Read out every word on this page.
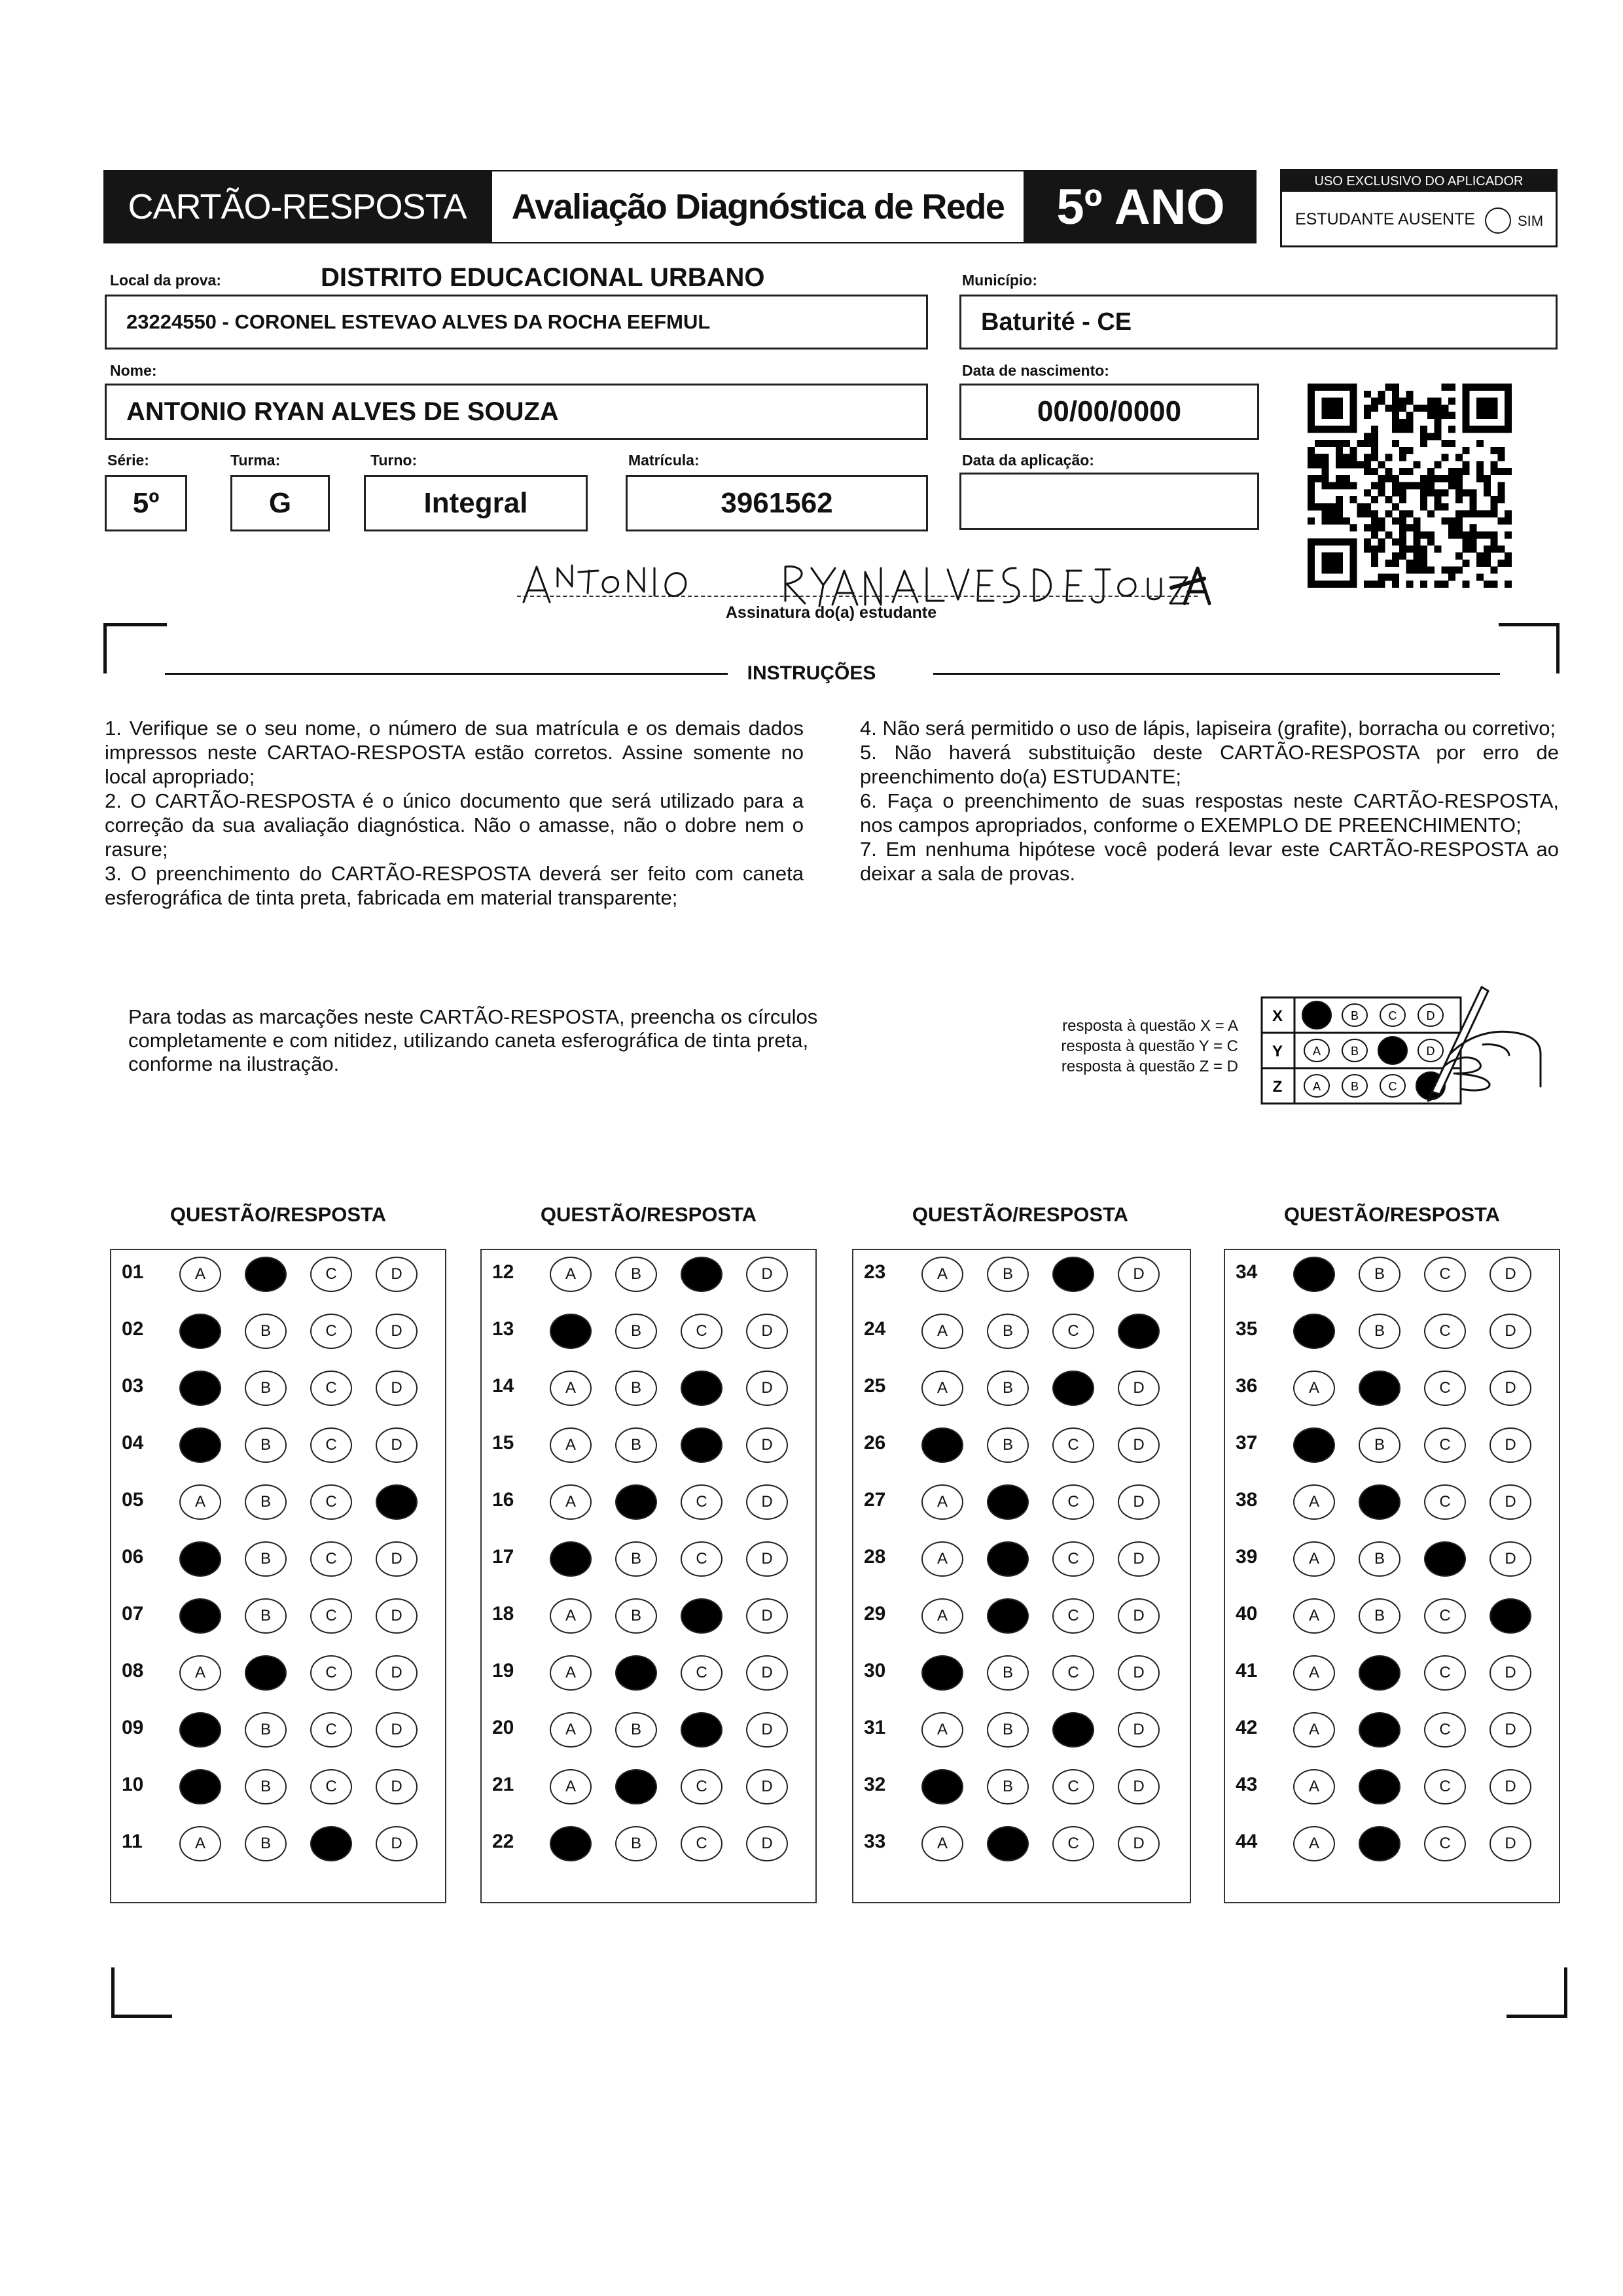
CARTÃO-RESPOSTA	Avaliação Diagnóstica de Rede	5º ANO	USO EXCLUSIVO DO APLICADOR
ESTUDANTE AUSENTE	SIM
Local da prova:	DISTRITO EDUCACIONAL URBANO
23224550 - CORONEL ESTEVAO ALVES DA ROCHA EEFMUL
Município:
Baturité - CE
Nome:
ANTONIO RYAN ALVES DE SOUZA
Data de nascimento:
00/00/0000
Série:
5º
Turma:
G
Turno:
Integral
Matrícula:
3961562
Data da aplicação:
Assinatura do(a) estudante
INSTRUÇÕES
1. Verifique se o seu nome, o número de sua matrícula e os demais dados impressos neste CARTAO-RESPOSTA estão corretos. Assine somente no local apropriado;
2. O CARTÃO-RESPOSTA é o único documento que será utilizado para a correção da sua avaliação diagnóstica. Não o amasse, não o dobre nem o rasure;
3. O preenchimento do CARTÃO-RESPOSTA deverá ser feito com caneta esferográfica de tinta preta, fabricada em material transparente;
4. Não será permitido o uso de lápis, lapiseira (grafite), borracha ou corretivo;
5. Não haverá substituição deste CARTÃO-RESPOSTA por erro de preenchimento do(a) ESTUDANTE;
6. Faça o preenchimento de suas respostas neste CARTÃO-RESPOSTA, nos campos apropriados, conforme o EXEMPLO DE PREENCHIMENTO;
7. Em nenhuma hipótese você poderá levar este CARTÃO-RESPOSTA ao deixar a sala de provas.
Para todas as marcações neste CARTÃO-RESPOSTA, preencha os círculos completamente e com nitidez, utilizando caneta esferográfica de tinta preta, conforme na ilustração.
resposta à questão X = A
resposta à questão Y = C
resposta à questão Z = D
X	B	C	D
Y	A	B	D
Z	A	B	C
QUESTÃO/RESPOSTA
01	A	B	C	D
02	A	B	C	D
03	A	B	C	D
04	A	B	C	D
05	A	B	C	D
06	A	B	C	D
07	A	B	C	D
08	A	B	C	D
09	A	B	C	D
10	A	B	C	D
11	A	B	C	D
QUESTÃO/RESPOSTA
12	A	B	C	D
13	A	B	C	D
14	A	B	C	D
15	A	B	C	D
16	A	B	C	D
17	A	B	C	D
18	A	B	C	D
19	A	B	C	D
20	A	B	C	D
21	A	B	C	D
22	A	B	C	D
QUESTÃO/RESPOSTA
23	A	B	C	D
24	A	B	C	D
25	A	B	C	D
26	A	B	C	D
27	A	B	C	D
28	A	B	C	D
29	A	B	C	D
30	A	B	C	D
31	A	B	C	D
32	A	B	C	D
33	A	B	C	D
QUESTÃO/RESPOSTA
34	A	B	C	D
35	A	B	C	D
36	A	B	C	D
37	A	B	C	D
38	A	B	C	D
39	A	B	C	D
40	A	B	C	D
41	A	B	C	D
42	A	B	C	D
43	A	B	C	D
44	A	B	C	D
